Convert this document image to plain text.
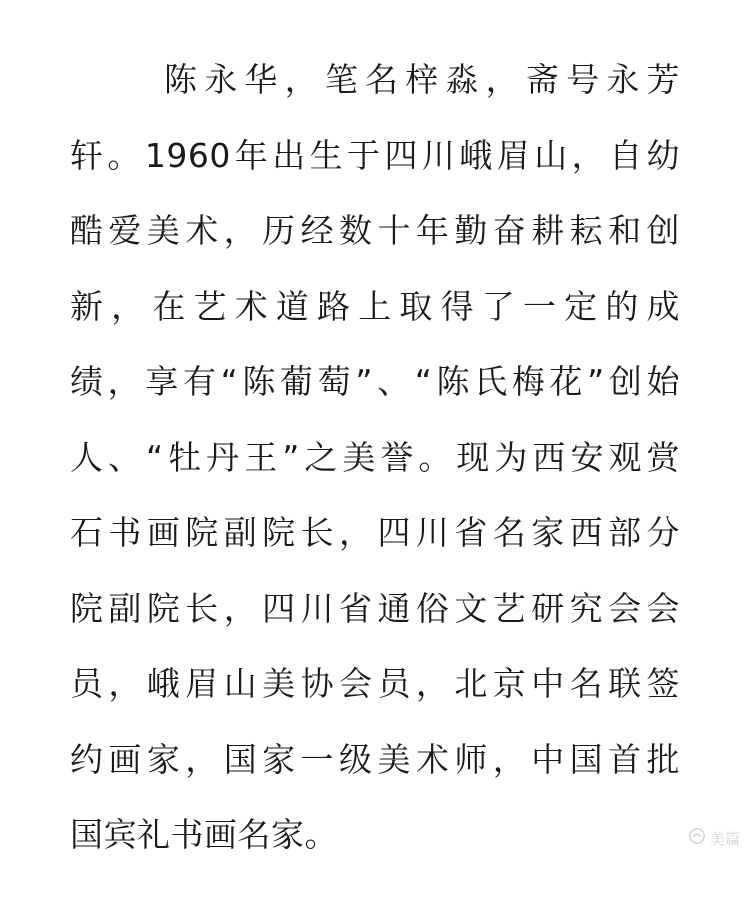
陈永华，笔名梓淼，斋号永芳
轩。1960年出生于四川峨眉山，自幼
酷爱美术，历经数十年勤奋耕耘和创
新，在艺术道路上取得了一定的成
绩，享有“陈葡萄”、“陈氏梅花”创始
人、“牡丹王”之美誉。现为西安观赏
石书画院副院长，四川省名家西部分
院副院长，四川省通俗文艺研究会会
员，峨眉山美协会员，北京中名联签
约画家，国家一级美术师，中国首批
国宾礼书画名家。	美篇
